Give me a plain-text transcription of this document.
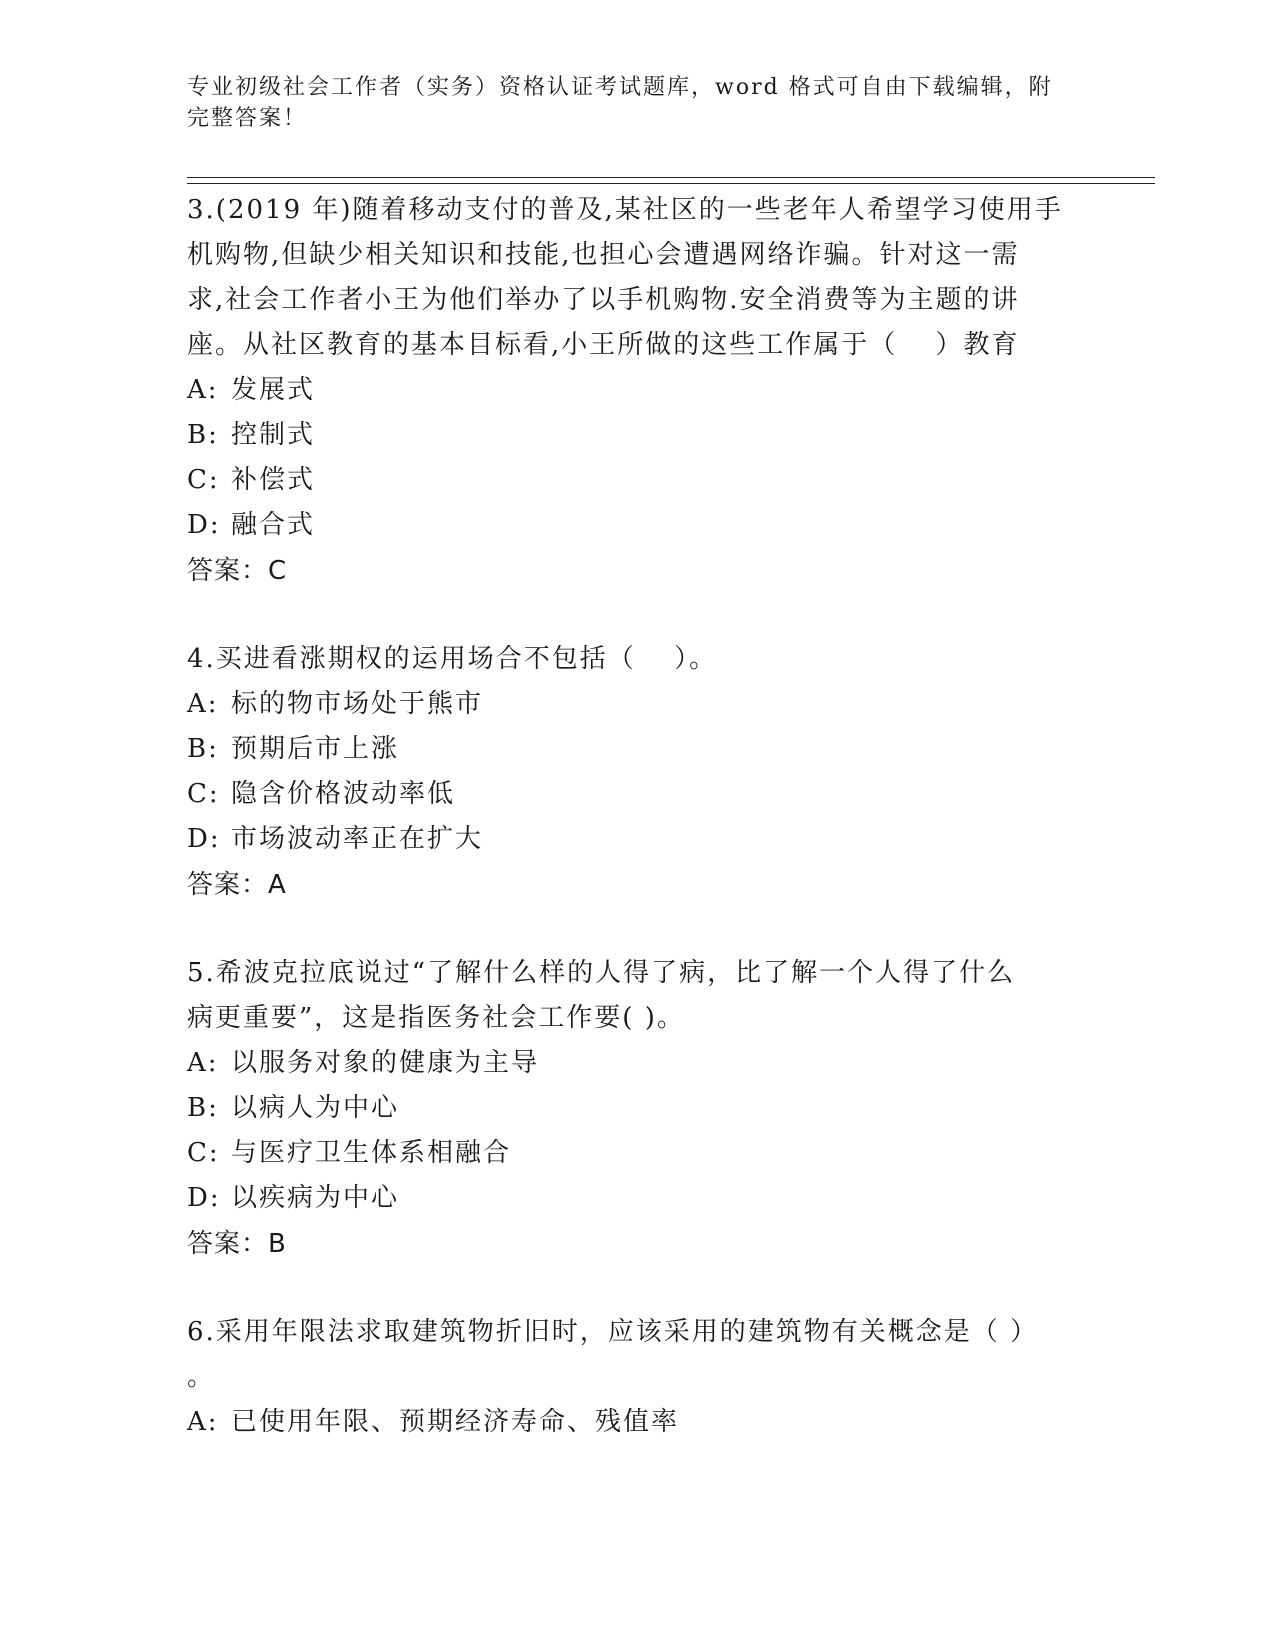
专业初级社会工作者（实务）资格认证考试题库，word 格式可自由下载编辑，附
完整答案！

3.(2019 年)随着移动支付的普及,某社区的一些老年人希望学习使用手

机购物,但缺少相关知识和技能,也担心会遭遇网络诈骗。针对这一需

求,社会工作者小王为他们举办了以手机购物.安全消费等为主题的讲

座。从社区教育的基本目标看,小王所做的这些工作属于（　 ）教育

A: 发展式

B: 控制式

C: 补偿式

D: 融合式

答案：C

4.买进看涨期权的运用场合不包括（　 ）。

A: 标的物市场处于熊市

B: 预期后市上涨

C: 隐含价格波动率低

D: 市场波动率正在扩大

答案：A

5.希波克拉底说过“了解什么样的人得了病，比了解一个人得了什么

病更重要”，这是指医务社会工作要( )。

A: 以服务对象的健康为主导

B: 以病人为中心

C: 与医疗卫生体系相融合

D: 以疾病为中心

答案：B

6.采用年限法求取建筑物折旧时，应该采用的建筑物有关概念是（ ）

。

A: 已使用年限、预期经济寿命、残值率
